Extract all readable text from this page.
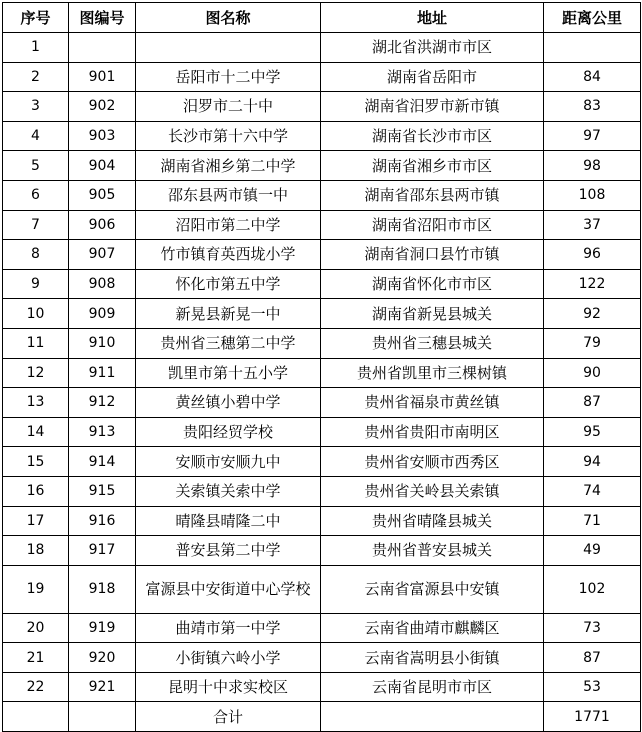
序号	图编号	图名称	地址	距离公里
1			湖北省洪湖市市区	
2	901	岳阳市十二中学	湖南省岳阳市	84
3	902	汨罗市二十中	湖南省汨罗市新市镇	83
4	903	长沙市第十六中学	湖南省长沙市市区	97
5	904	湖南省湘乡第二中学	湖南省湘乡市市区	98
6	905	邵东县两市镇一中	湖南省邵东县两市镇	108
7	906	沼阳市第二中学	湖南省沼阳市市区	37
8	907	竹市镇育英西垅小学	湖南省洞口县竹市镇	96
9	908	怀化市第五中学	湖南省怀化市市区	122
10	909	新晃县新晃一中	湖南省新晃县城关	92
11	910	贵州省三穗第二中学	贵州省三穗县城关	79
12	911	凯里市第十五小学	贵州省凯里市三棵树镇	90
13	912	黄丝镇小碧中学	贵州省福泉市黄丝镇	87
14	913	贵阳经贸学校	贵州省贵阳市南明区	95
15	914	安顺市安顺九中	贵州省安顺市西秀区	94
16	915	关索镇关索中学	贵州省关岭县关索镇	74
17	916	晴隆县晴隆二中	贵州省晴隆县城关	71
18	917	普安县第二中学	贵州省普安县城关	49
19	918	富源县中安街道中心学校	云南省富源县中安镇	102
20	919	曲靖市第一中学	云南省曲靖市麒麟区	73
21	920	小街镇六岭小学	云南省嵩明县小街镇	87
22	921	昆明十中求实校区	云南省昆明市市区	53
		合计		1771
